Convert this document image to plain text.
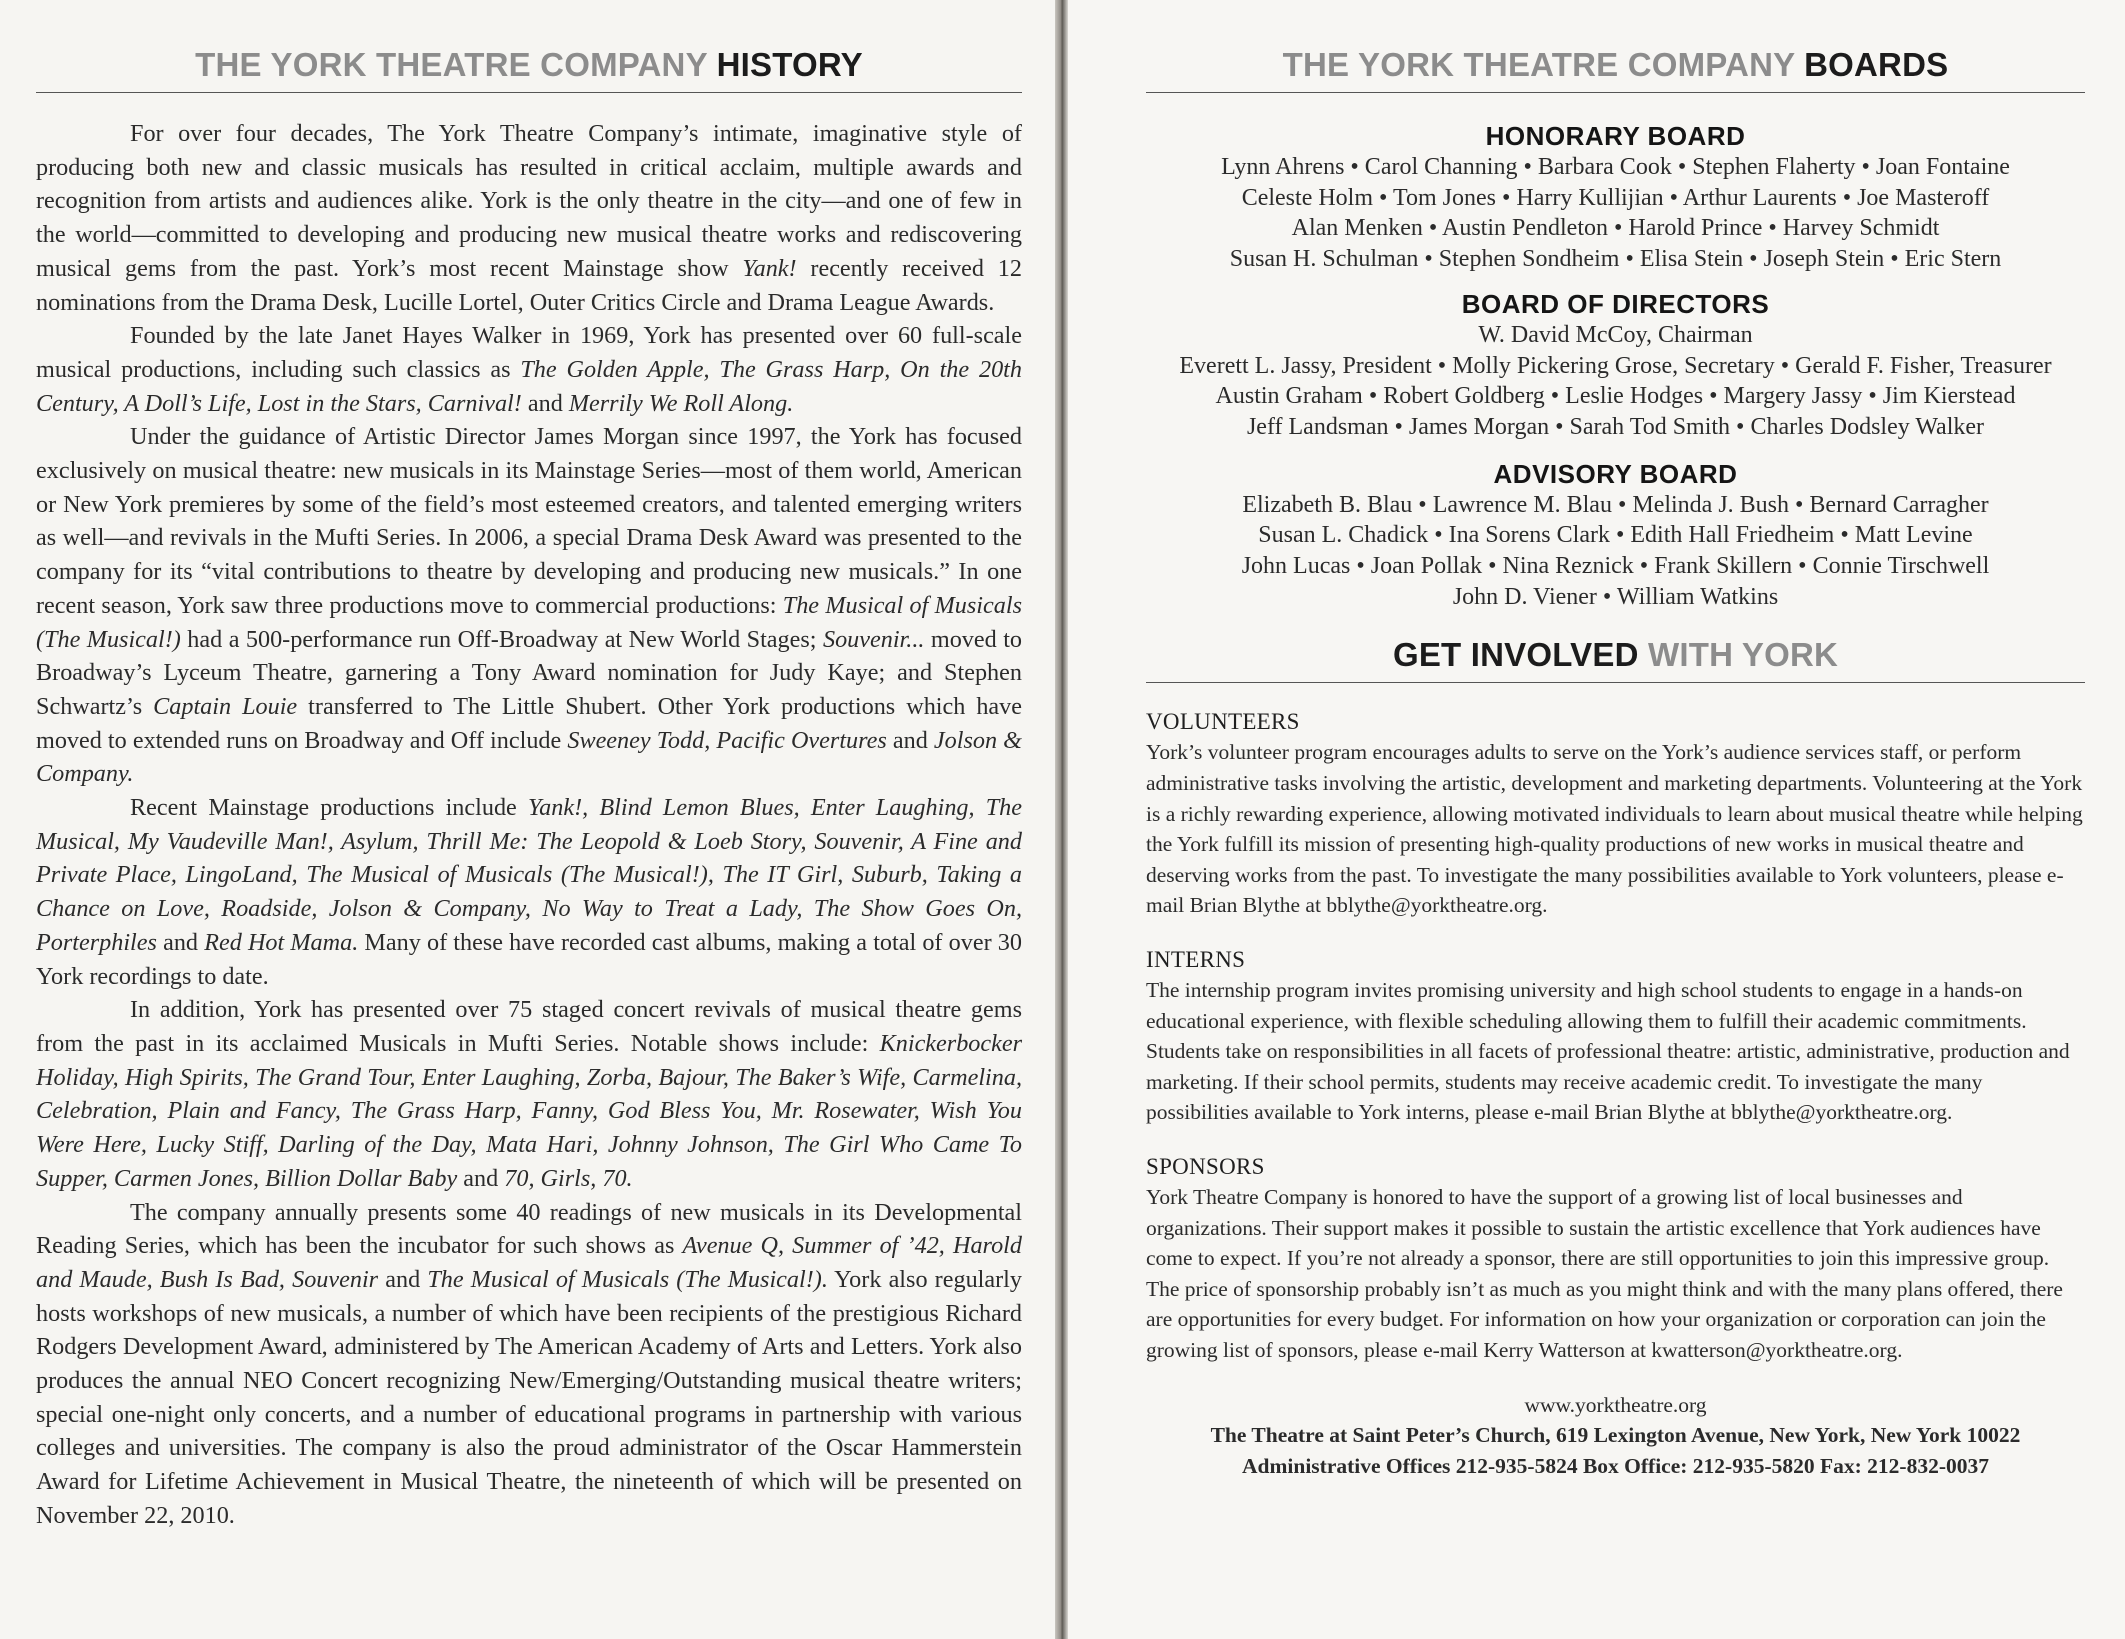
THE YORK THEATRE COMPANY HISTORY

For over four decades, The York Theatre Company’s intimate, imaginative style of producing both new and classic musicals has resulted in critical acclaim, multiple awards and recognition from artists and audiences alike. York is the only theatre in the city—and one of few in the world—committed to developing and producing new musical theatre works and rediscovering musical gems from the past. York’s most recent Mainstage show Yank! recently received 12 nominations from the Drama Desk, Lucille Lortel, Outer Critics Circle and Drama League Awards.

Founded by the late Janet Hayes Walker in 1969, York has presented over 60 full-scale musical productions, including such classics as The Golden Apple, The Grass Harp, On the 20th Century, A Doll’s Life, Lost in the Stars, Carnival! and Merrily We Roll Along.

Under the guidance of Artistic Director James Morgan since 1997, the York has focused exclusively on musical theatre: new musicals in its Mainstage Series—most of them world, American or New York premieres by some of the field’s most esteemed creators, and talented emerging writers as well—and revivals in the Mufti Series. In 2006, a special Drama Desk Award was presented to the company for its “vital contributions to theatre by developing and producing new musicals.” In one recent season, York saw three productions move to commercial productions: The Musical of Musicals (The Musical!) had a 500-performance run Off-Broadway at New World Stages; Souvenir... moved to Broadway’s Lyceum Theatre, garnering a Tony Award nomination for Judy Kaye; and Stephen Schwartz’s Captain Louie transferred to The Little Shubert. Other York productions which have moved to extended runs on Broadway and Off include Sweeney Todd, Pacific Overtures and Jolson & Company.

Recent Mainstage productions include Yank!, Blind Lemon Blues, Enter Laughing, The Musical, My Vaudeville Man!, Asylum, Thrill Me: The Leopold & Loeb Story, Souvenir, A Fine and Private Place, LingoLand, The Musical of Musicals (The Musical!), The IT Girl, Suburb, Taking a Chance on Love, Roadside, Jolson & Company, No Way to Treat a Lady, The Show Goes On, Porterphiles and Red Hot Mama. Many of these have recorded cast albums, making a total of over 30 York recordings to date.

In addition, York has presented over 75 staged concert revivals of musical theatre gems from the past in its acclaimed Musicals in Mufti Series. Notable shows include: Knickerbocker Holiday, High Spirits, The Grand Tour, Enter Laughing, Zorba, Bajour, The Baker’s Wife, Carmelina, Celebration, Plain and Fancy, The Grass Harp, Fanny, God Bless You, Mr. Rosewater, Wish You Were Here, Lucky Stiff, Darling of the Day, Mata Hari, Johnny Johnson, The Girl Who Came To Supper, Carmen Jones, Billion Dollar Baby and 70, Girls, 70.

The company annually presents some 40 readings of new musicals in its Developmental Reading Series, which has been the incubator for such shows as Avenue Q, Summer of ’42, Harold and Maude, Bush Is Bad, Souvenir and The Musical of Musicals (The Musical!). York also regularly hosts workshops of new musicals, a number of which have been recipients of the prestigious Richard Rodgers Development Award, administered by The American Academy of Arts and Letters. York also produces the annual NEO Concert recognizing New/Emerging/Outstanding musical theatre writers; special one-night only concerts, and a number of educational programs in partnership with various colleges and universities. The company is also the proud administrator of the Oscar Hammerstein Award for Lifetime Achievement in Musical Theatre, the nineteenth of which will be presented on November 22, 2010.

THE YORK THEATRE COMPANY BOARDS
HONORARY BOARD
Lynn Ahrens • Carol Channing • Barbara Cook • Stephen Flaherty • Joan Fontaine
Celeste Holm • Tom Jones • Harry Kullijian • Arthur Laurents • Joe Masteroff
Alan Menken • Austin Pendleton • Harold Prince • Harvey Schmidt
Susan H. Schulman • Stephen Sondheim • Elisa Stein • Joseph Stein • Eric Stern
BOARD OF DIRECTORS
W. David McCoy, Chairman
Everett L. Jassy, President • Molly Pickering Grose, Secretary • Gerald F. Fisher, Treasurer
Austin Graham • Robert Goldberg • Leslie Hodges • Margery Jassy • Jim Kierstead
Jeff Landsman • James Morgan • Sarah Tod Smith • Charles Dodsley Walker
ADVISORY BOARD
Elizabeth B. Blau • Lawrence M. Blau • Melinda J. Bush • Bernard Carragher
Susan L. Chadick • Ina Sorens Clark • Edith Hall Friedheim • Matt Levine
John Lucas • Joan Pollak • Nina Reznick • Frank Skillern • Connie Tirschwell
John D. Viener • William Watkins
GET INVOLVED WITH YORK
VOLUNTEERS

York’s volunteer program encourages adults to serve on the York’s audience services staff, or perform administrative tasks involving the artistic, development and marketing departments. Volunteering at the York is a richly rewarding experience, allowing motivated individuals to learn about musical theatre while helping the York fulfill its mission of presenting high-quality productions of new works in musical theatre and deserving works from the past. To investigate the many possibilities available to York volunteers, please e-mail Brian Blythe at bblythe@yorktheatre.org.

INTERNS

The internship program invites promising university and high school students to engage in a hands-on educational experience, with flexible scheduling allowing them to fulfill their academic commitments. Students take on responsibilities in all facets of professional theatre: artistic, administrative, production and marketing. If their school permits, students may receive academic credit. To investigate the many possibilities available to York interns, please e-mail Brian Blythe at bblythe@yorktheatre.org.

SPONSORS

York Theatre Company is honored to have the support of a growing list of local businesses and organizations. Their support makes it possible to sustain the artistic excellence that York audiences have come to expect. If you’re not already a sponsor, there are still opportunities to join this impressive group. The price of sponsorship probably isn’t as much as you might think and with the many plans offered, there are opportunities for every budget. For information on how your organization or corporation can join the growing list of sponsors, please e-mail Kerry Watterson at kwatterson@yorktheatre.org.

www.yorktheatre.org
The Theatre at Saint Peter’s Church, 619 Lexington Avenue, New York, New York 10022
Administrative Offices 212-935-5824 Box Office: 212-935-5820 Fax: 212-832-0037
